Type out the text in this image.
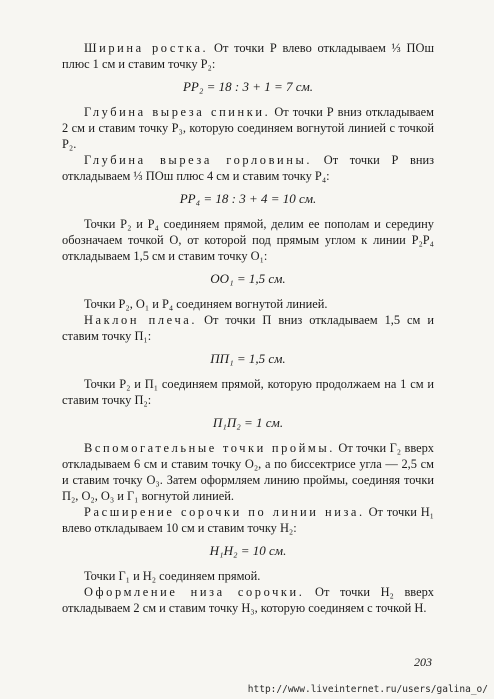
Ширина ростка. От точки Р влево откладываем ⅓ ПОш плюс 1 см и ставим точку Р₂:

РР₂ = 18 : 3 + 1 = 7 см.

Глубина выреза спинки. От точки Р вниз откладываем 2 см и ставим точку Р₃, которую соединяем вогнутой линией с точкой Р₂.

Глубина выреза горловины. От точки Р вниз откладываем ⅓ ПОш плюс 4 см и ставим точку Р₄:

РР₄ = 18 : 3 + 4 = 10 см.

Точки Р₂ и Р₄ соединяем прямой, делим ее пополам и середину обозначаем точкой О, от которой под прямым углом к линии Р₂Р₄ откладываем 1,5 см и ставим точку О₁:

ОО₁ = 1,5 см.

Точки Р₂, О₁ и Р₄ соединяем вогнутой линией.

Наклон плеча. От точки П вниз откладываем 1,5 см и ставим точку П₁:

ПП₁ = 1,5 см.

Точки Р₂ и П₁ соединяем прямой, которую продолжаем на 1 см и ставим точку П₂:

П₁П₂ = 1 см.

Вспомогательные точки проймы. От точки Г₂ вверх откладываем 6 см и ставим точку О₂, а по биссектрисе угла — 2,5 см и ставим точку О₃. Затем оформляем линию проймы, соединяя точки П₂, О₂, О₃ и Г₁ вогнутой линией.

Расширение сорочки по линии низа. От точки Н₁ влево откладываем 10 см и ставим точку Н₂:

Н₁Н₂ = 10 см.

Точки Г₁ и Н₂ соединяем прямой.

Оформление низа сорочки. От точки Н₂ вверх откладываем 2 см и ставим точку Н₃, которую соединяем с точкой Н.

203
http://www.liveinternet.ru/users/galina_o/
